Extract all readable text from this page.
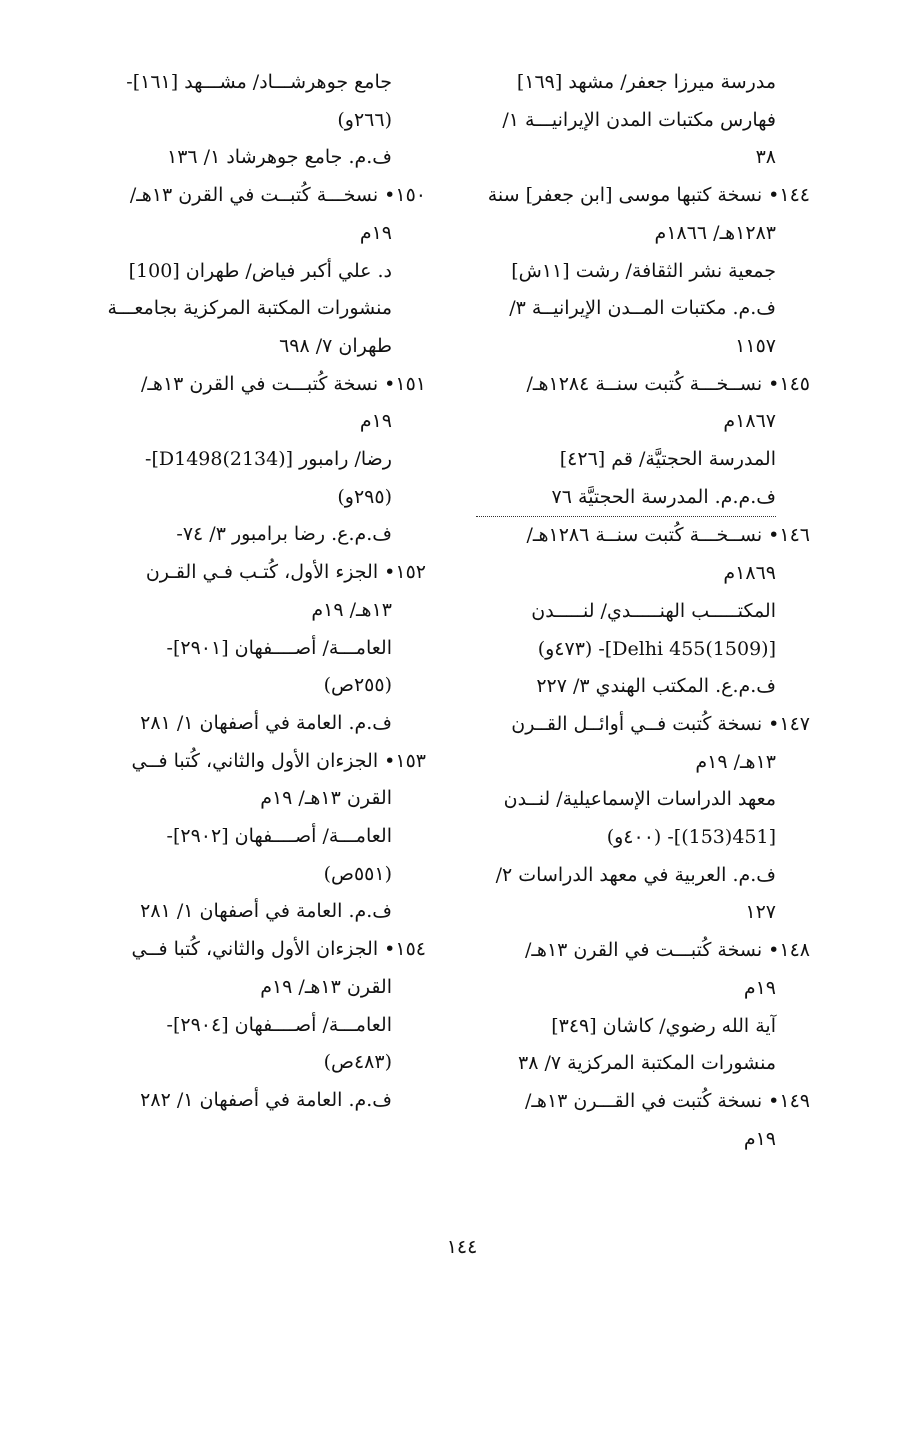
مدرسة ميرزا جعفر/ مشهد [١٦٩]
فهارس مكتبات المدن الإيرانيـــة ١/
٣٨
١٤٤• نسخة كتبها موسى [ابن جعفر] سنة
١٢٨٣هـ/ ١٨٦٦م
جمعية نشر الثقافة/ رشت [١١ش]
ف.م. مكتبات المــدن الإيرانيــة ٣/
١١٥٧
١٤٥• نســخـــة كُتبت سنــة ١٢٨٤هـ/
١٨٦٧م
المدرسة الحجتيَّة/ قم [٤٢٦]
ف.م.م. المدرسة الحجتيَّة ٧٦
١٤٦• نســخـــة كُتبت سنــة ١٢٨٦هـ/
١٨٦٩م
المكتـــــب الهنـــــدي/ لنـــــدن
[Delhi 455(1509)]- (٤٧٣و)
ف.م.ع. المكتب الهندي ٣/ ٢٢٧
١٤٧• نسخة كُتبت فــي أوائــل القــرن
١٣هـ/ ١٩م
معهد الدراسات الإسماعيلية/ لنــدن
[451(153)]- (٤٠٠و)
ف.م. العربية في معهد الدراسات ٢/
١٢٧
١٤٨• نسخة كُتبـــت في القرن ١٣هـ/
١٩م
آية الله رضوي/ كاشان [٣٤٩]
منشورات المكتبة المركزية ٧/ ٣٨
١٤٩• نسخة كُتبت في القـــرن ١٣هـ/
١٩م
جامع جوهرشـــاد/ مشـــهد [١٦١]-
(٢٦٦و)
ف.م. جامع جوهرشاد ١/ ١٣٦
١٥٠• نسخـــة كُتبــت في القرن ١٣هـ/
١٩م
د. علي أكبر فياض/ طهران [100]
منشورات المكتبة المركزية بجامعـــة
طهران ٧/ ٦٩٨
١٥١• نسخة كُتبـــت في القرن ١٣هـ/
١٩م
رضا/ رامبور [D1498(2134)]-
(٢٩٥و)
ف.م.ع. رضا برامبور ٣/ ٧٤-
١٥٢• الجزء الأول، كُتـب فـي القـرن
١٣هـ/ ١٩م
العامـــة/ أصــــفهان [٢٩٠١]-
(٢٥٥ص)
ف.م. العامة في أصفهان ١/ ٢٨١
١٥٣• الجزءان الأول والثاني، كُتبا فــي
القرن ١٣هـ/ ١٩م
العامـــة/ أصــــفهان [٢٩٠٢]-
(٥٥١ص)
ف.م. العامة في أصفهان ١/ ٢٨١
١٥٤• الجزءان الأول والثاني، كُتبا فــي
القرن ١٣هـ/ ١٩م
العامـــة/ أصــــفهان [٢٩٠٤]-
(٤٨٣ص)
ف.م. العامة في أصفهان ١/ ٢٨٢
١٤٤
